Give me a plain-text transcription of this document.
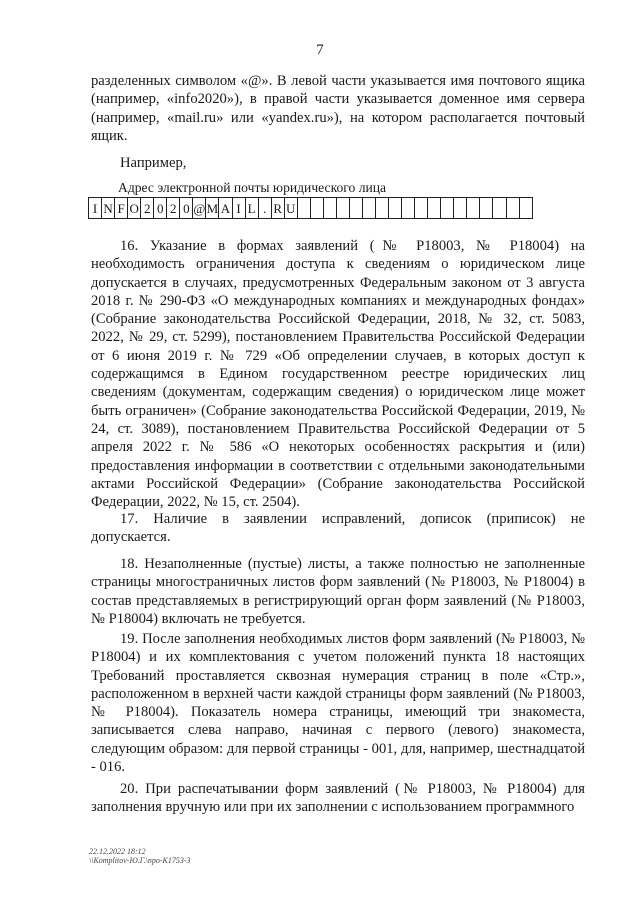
7

разделенных символом «@». В левой части указывается имя почтового ящика (например, «info2020»), в правой части указывается доменное имя сервера (например, «mail.ru» или «yandex.ru»), на котором располагается почтовый ящик.

Например,

Адрес электронной почты юридического лица
I N F O 2 0 2 0 @ M A I L . R U

16. Указание в формах заявлений (№ Р18003, № Р18004) на необходимость ограничения доступа к сведениям о юридическом лице допускается в случаях, предусмотренных Федеральным законом от 3 августа 2018 г. № 290-ФЗ «О международных компаниях и международных фондах» (Собрание законодательства Российской Федерации, 2018, № 32, ст. 5083, 2022, № 29, ст. 5299), постановлением Правительства Российской Федерации от 6 июня 2019 г. № 729 «Об определении случаев, в которых доступ к содержащимся в Едином государственном реестре юридических лиц сведениям (документам, содержащим сведения) о юридическом лице может быть ограничен» (Собрание законодательства Российской Федерации, 2019, № 24, ст. 3089), постановлением Правительства Российской Федерации от 5 апреля 2022 г. № 586 «О некоторых особенностях раскрытия и (или) предоставления информации в соответствии с отдельными законодательными актами Российской Федерации» (Собрание законодательства Российской Федерации, 2022, № 15, ст. 2504).

17. Наличие в заявлении исправлений, дописок (приписок) не допускается.

18. Незаполненные (пустые) листы, а также полностью не заполненные страницы многостраничных листов форм заявлений (№ Р18003, № Р18004) в состав представляемых в регистрирующий орган форм заявлений (№ Р18003, № Р18004) включать не требуется.

19. После заполнения необходимых листов форм заявлений (№ Р18003, № Р18004) и их комплектования с учетом положений пункта 18 настоящих Требований проставляется сквозная нумерация страниц в поле «Стр.», расположенном в верхней части каждой страницы форм заявлений (№ Р18003, № Р18004). Показатель номера страницы, имеющий три знакоместа, записывается слева направо, начиная с первого (левого) знакоместа, следующим образом: для первой страницы - 001, для, например, шестнадцатой - 016.

20. При распечатывании форм заявлений (№ Р18003, № Р18004) для заполнения вручную или при их заполнении с использованием программного

22.12.2022 18:12
\\Komplitov-Ю.Г.\npo-К1753-3
